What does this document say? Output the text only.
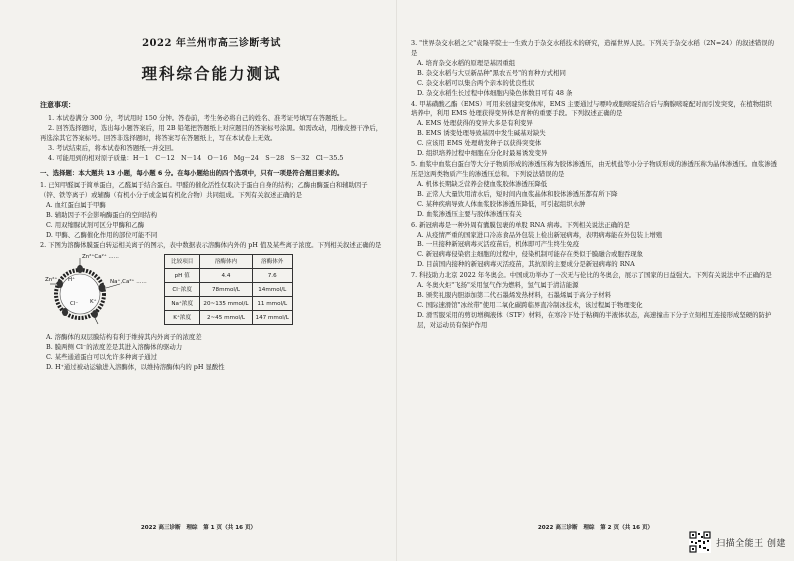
2022 年兰州市高三诊断考试
理科综合能力测试
注意事项：

1. 本试卷满分 300 分，考试用时 150 分钟。答卷前，考生务必将自己的姓名、准考证号填写在答题纸上。

2. 回答选择题时，选出每小题答案后，用 2B 铅笔把答题纸上对应题目的答案标号涂黑。如需改动，用橡皮擦干净后，再选涂其它答案标号。回答非选择题时，将答案写在答题纸上，写在本试卷上无效。

3. 考试结束后，将本试卷和答题纸一并交回。

4. 可能用到的相对原子质量：H－1　C－12　N－14　O－16　Mg－24　S－28　S－32　Cl－35.5

一、选择题：本大题共 13 小题，每小题 6 分。在每小题给出的四个选项中，只有一项是符合题目要求的。

1. 已知甲醛属于简单蛋白，乙醛属于结合蛋白。甲醛的催化活性仅取决于蛋白自身的结构；乙酶由酶蛋白和辅助因子（锌、铁等离子）或辅酶（有机小分子或金属有机化合物）共同组成。下列有关叙述正确的是

A. 血红蛋白属于甲酶

B. 辅助因子不会影响酶蛋白的空间结构

C. 用双缩脲试剂可区分甲酶和乙酶

D. 甲酶、乙酶催化作用的部位可能不同

2. 下图为溶酶体膜蛋白转运相关离子的图示，表中数据表示溶酶体内外的 pH 值及某些离子浓度。下列相关叙述正确的是

Zn²⁺Ca²⁺ ......
H⁺	Na⁺,Ca²⁺ ......
Cl⁻ K⁺
Zn²⁺
比较项目	溶酶体内	溶酶体外
pH 值	4.4	7.6
Cl⁻浓度	78mmol/L	14mmol/L
Na⁺浓度	20~135 mmol/L	11 mmol/L
K⁺浓度	2~45 mmol/L	147 mmol/L

A. 溶酶体的双层膜结构有利于维持其内外离子的浓度差

B. 膜两侧 Cl⁻的浓度差是其进入溶酶体的驱动力

C. 某些通道蛋白可以允许多种离子通过

D. H⁺通过被动运输进入溶酶体，以维持溶酶体内的 pH 显酸性

2022 高三诊断　理综　第 1 页（共 16 页）

3. "世界杂交水稻之父"袁隆平院士一生致力于杂交水稻技术的研究，造福世界人民。下列关于杂交水稻（2N=24）的叙述错误的是

A. 培育杂交水稻的原理是基因重组

B. 杂交水稻与大豆新品种"黑农五号"的育种方式相同

C. 杂交水稻可以集合两个亲本的优良性状

D. 杂交水稻生长过程中体细胞内染色体数目可有 48 条

4. 甲基磺酸乙酯（EMS）可用来创建突变体库，EMS 主要通过与嘌呤或胞嘧啶结合后与胸腺嘧啶配对而引发突变，在植物组织培养中，利用 EMS 处理获得变异体是育种的重要手段。下列叙述正确的是

A. EMS 处理获得的变异大多是有利变异

B. EMS 诱变处理导致基因中发生碱基对缺失

C. 应该用 EMS 处理萌发种子以获得突变体

D. 组织培养过程中细胞在分化时最易诱发变异

5. 血浆中血浆白蛋白等大分子物质形成的渗透压称为胶体渗透压，由无机盐等小分子物质形成的渗透压称为晶体渗透压。血浆渗透压是这两类物质产生的渗透压总和。下列说法错误的是

A. 机体长期缺乏营养会使血浆胶体渗透压降低

B. 正常人大量饮用清水后，短时间内血浆晶体和胶体渗透压都有所下降

C. 某种疾病导致人体血浆胶体渗透压降低，可引起组织水肿

D. 血浆渗透压主要与胶体渗透压有关

6. 新冠病毒是一种外周有囊膜包裹的单股 RNA 病毒。下列相关说法正确的是

A. 从疫情严重的国家进口冷冻食品外包装上检出新冠病毒，表明病毒能在外包装上增殖

B. 一旦接种新冠病毒灭活疫苗后，机体即可产生终生免疫

C. 新冠病毒侵染宿主细胞的过程中，侵染机制可能存在类似于膜融合或胞吞现象

D. 目前国内接种的新冠病毒灭活疫苗，其抗原的主要成分是新冠病毒的 RNA

7. 科技助力北京 2022 年冬奥会。中国成功举办了一次无与伦比的冬奥会，展示了国家的日益强大。下列有关说法中不正确的是

A. 冬奥火炬"飞扬"采用氢气作为燃料，氢气属于清洁能源

B. 颁奖礼服内胆添加第二代石墨烯发热材料，石墨烯属于高分子材料

C. 国际速滑馆"冰丝带"使用二氧化碳跨临界直冷制冰技术，该过程属于物理变化

D. 滑雪服采用的剪切增稠液体（STF）材料，在寒冷下处于粘稠的半液体状态，高速撞击下分子立刻相互连接形成坚硬的防护层，对运动员有保护作用

2022 高三诊断　理综　第 2 页（共 16 页）
扫描全能王 创建
